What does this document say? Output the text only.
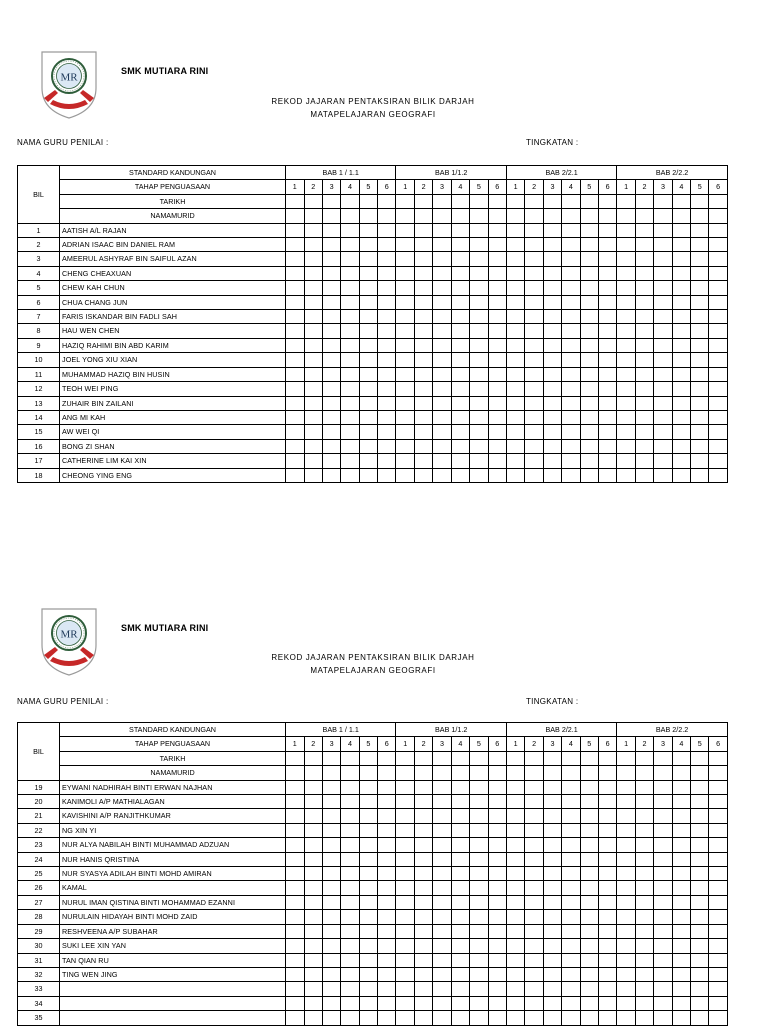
MR
SMK MUTIARA RINI
REKOD JAJARAN PENTAKSIRAN BILIK DARJAH
MATAPELAJARAN GEOGRAFI
NAMA GURU PENILAI :	TINGKATAN :
BIL	STANDARD KANDUNGAN	BAB 1 / 1.1						BAB 1/1.2						BAB 2/2.1						BAB 2/2.2					
	TAHAP PENGUASAAN	1	2	3	4	5	6	1	2	3	4	5	6	1	2	3	4	5	6	1	2	3	4	5	6
	TARIKH																								
	NAMAMURID																								
1	AATISH A/L RAJAN																								
2	ADRIAN ISAAC BIN DANIEL RAM																								
3	AMEERUL ASHYRAF BIN SAIFUL AZAN																								
4	CHENG CHEAXUAN																								
5	CHEW KAH CHUN																								
6	CHUA CHANG JUN																								
7	FARIS ISKANDAR BIN FADLI SAH																								
8	HAU WEN CHEN																								
9	HAZIQ RAHIMI BIN ABD KARIM																								
10	JOEL YONG XIU XIAN																								
11	MUHAMMAD HAZIQ BIN HUSIN																								
12	TEOH WEI PING																								
13	ZUHAIR BIN ZAILANI																								
14	ANG MI KAH																								
15	AW WEI QI																								
16	BONG ZI SHAN																								
17	CATHERINE LIM KAI XIN																								
18	CHEONG YING ENG																								
MR
SMK MUTIARA RINI
REKOD JAJARAN PENTAKSIRAN BILIK DARJAH
MATAPELAJARAN GEOGRAFI
NAMA GURU PENILAI :	TINGKATAN :
BIL	STANDARD KANDUNGAN	BAB 1 / 1.1						BAB 1/1.2						BAB 2/2.1						BAB 2/2.2					
	TAHAP PENGUASAAN	1	2	3	4	5	6	1	2	3	4	5	6	1	2	3	4	5	6	1	2	3	4	5	6
	TARIKH																								
	NAMAMURID																								
19	EYWANI NADHIRAH BINTI ERWAN NAJHAN																								
20	KANIMOLI A/P MATHIALAGAN																								
21	KAVISHINI A/P RANJITHKUMAR																								
22	NG XIN YI																								
23	NUR ALYA NABILAH BINTI MUHAMMAD ADZUAN																								
24	NUR HANIS QRISTINA																								
25	NUR SYASYA ADILAH BINTI MOHD AMIRAN																								
26	KAMAL																								
27	NURUL IMAN QISTINA BINTI MOHAMMAD EZANNI																								
28	NURULAIN HIDAYAH BINTI MOHD ZAID																								
29	RESHVEENA A/P SUBAHAR																								
30	SUKI LEE XIN YAN																								
31	TAN QIAN RU																								
32	TING WEN JING																								
33																									
34																									
35																									
